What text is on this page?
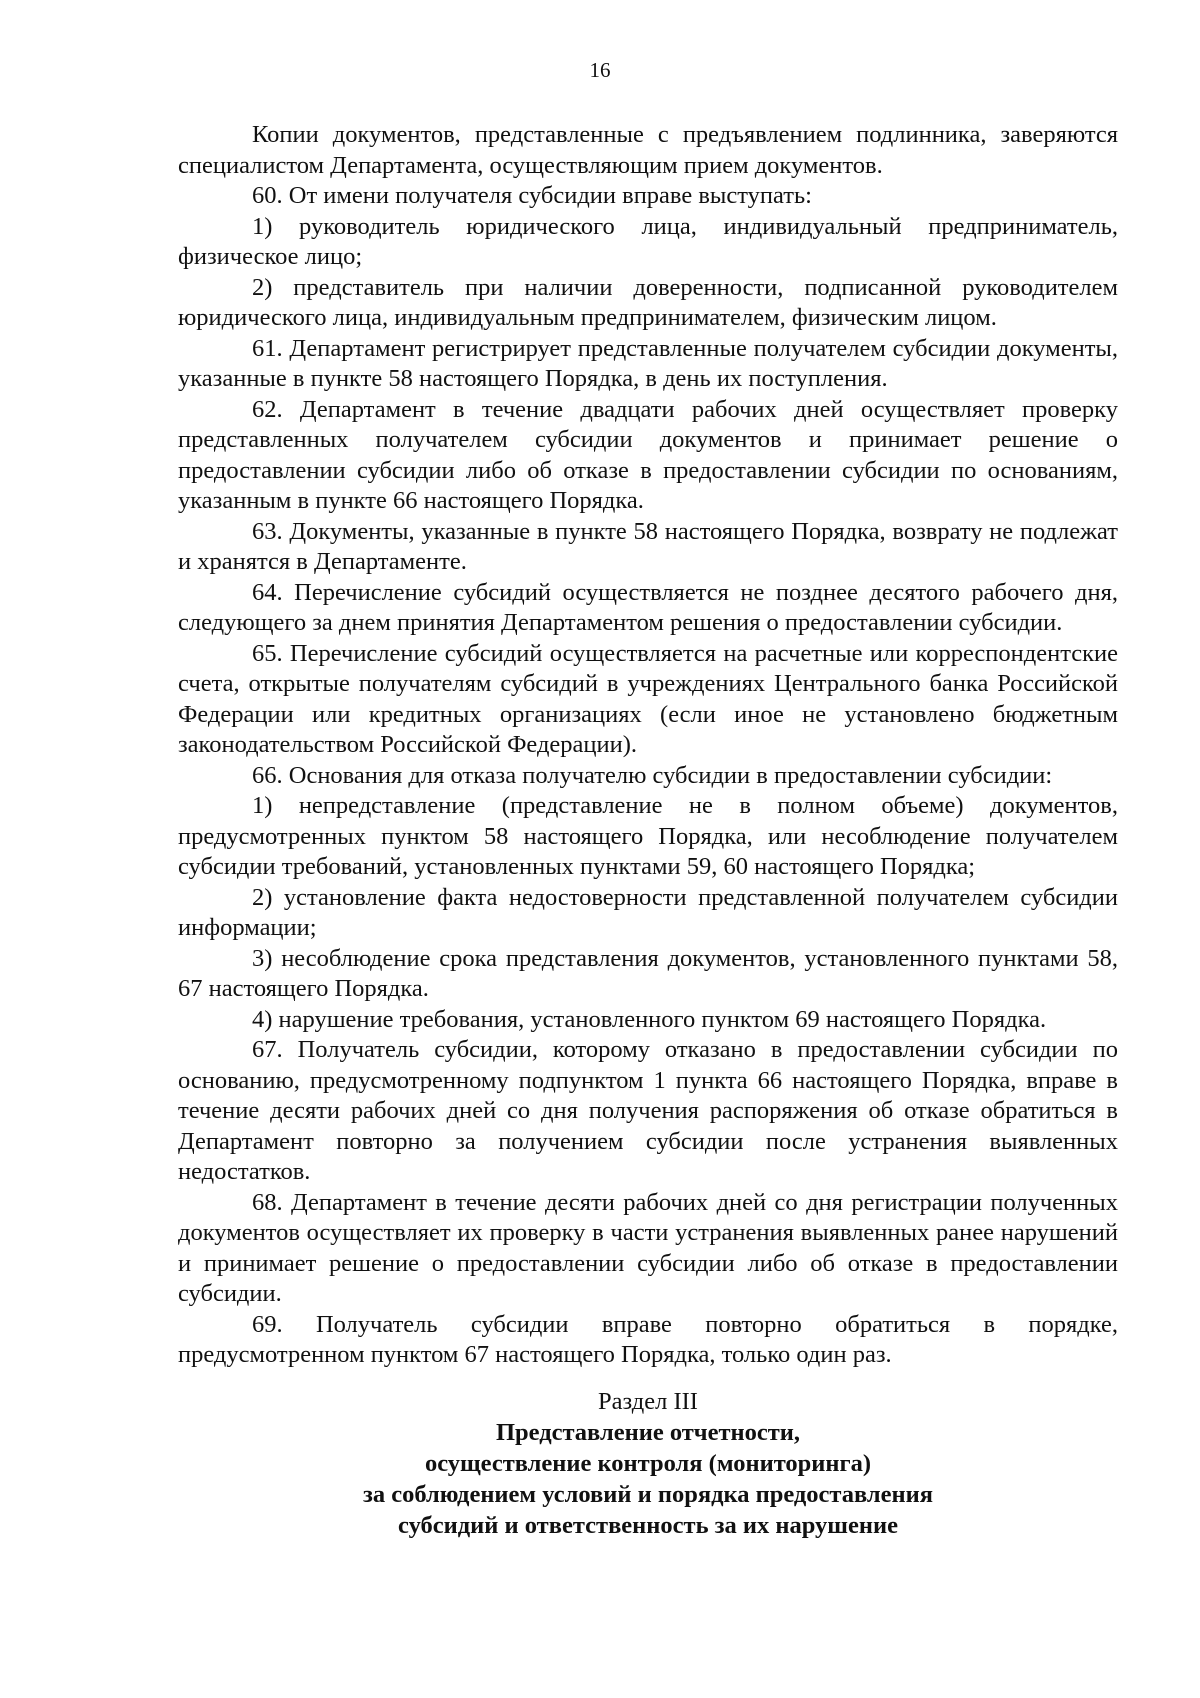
16

Копии документов, представленные с предъявлением подлинника, заверяются специалистом Департамента, осуществляющим прием документов.

60. От имени получателя субсидии вправе выступать:

1) руководитель юридического лица, индивидуальный предприниматель, физическое лицо;

2) представитель при наличии доверенности, подписанной руководителем юридического лица, индивидуальным предпринимателем, физическим лицом.

61. Департамент регистрирует представленные получателем субсидии документы, указанные в пункте 58 настоящего Порядка, в день их поступления.

62. Департамент в течение двадцати рабочих дней осуществляет проверку представленных получателем субсидии документов и принимает решение о предоставлении субсидии либо об отказе в предоставлении субсидии по основаниям, указанным в пункте 66 настоящего Порядка.

63. Документы, указанные в пункте 58 настоящего Порядка, возврату не подлежат и хранятся в Департаменте.

64. Перечисление субсидий осуществляется не позднее десятого рабочего дня, следующего за днем принятия Департаментом решения о предоставлении субсидии.

65. Перечисление субсидий осуществляется на расчетные или корреспондентские счета, открытые получателям субсидий в учреждениях Центрального банка Российской Федерации или кредитных организациях (если иное не установлено бюджетным законодательством Российской Федерации).

66. Основания для отказа получателю субсидии в предоставлении субсидии:

1) непредставление (представление не в полном объеме) документов, предусмотренных пунктом 58 настоящего Порядка, или несоблюдение получателем субсидии требований, установленных пунктами 59, 60 настоящего Порядка;

2) установление факта недостоверности представленной получателем субсидии информации;

3) несоблюдение срока представления документов, установленного пунктами 58, 67 настоящего Порядка.

4) нарушение требования, установленного пунктом 69 настоящего Порядка.

67. Получатель субсидии, которому отказано в предоставлении субсидии по основанию, предусмотренному подпунктом 1 пункта 66 настоящего Порядка, вправе в течение десяти рабочих дней со дня получения распоряжения об отказе обратиться в Департамент повторно за получением субсидии после устранения выявленных недостатков.

68. Департамент в течение десяти рабочих дней со дня регистрации полученных документов осуществляет их проверку в части устранения выявленных ранее нарушений и принимает решение о предоставлении субсидии либо об отказе в предоставлении субсидии.

69. Получатель субсидии вправе повторно обратиться в порядке, предусмотренном пунктом 67 настоящего Порядка, только один раз.

Раздел III

Представление отчетности,

осуществление контроля (мониторинга)

за соблюдением условий и порядка предоставления

субсидий и ответственность за их нарушение
